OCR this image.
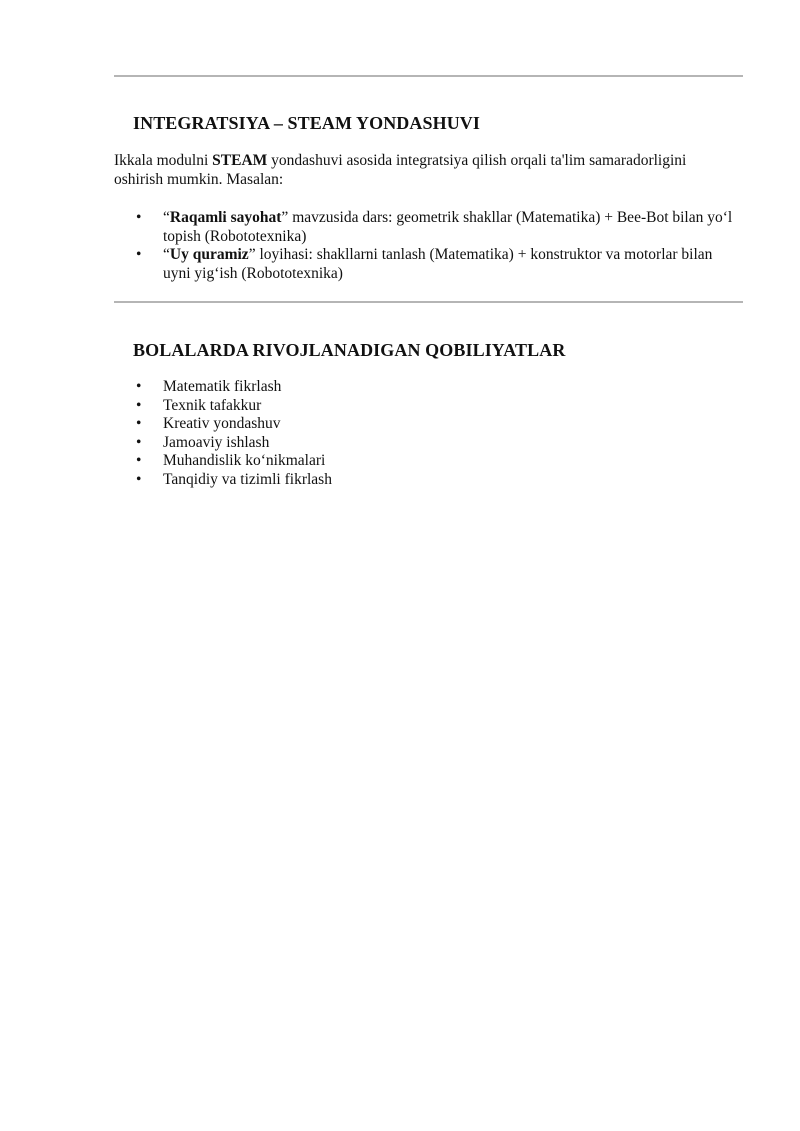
INTEGRATSIYA – STEAM YONDASHUVI

Ikkala modulni STEAM yondashuvi asosida integratsiya qilish orqali ta'lim samaradorligini oshirish mumkin. Masalan:

• “Raqamli sayohat” mavzusida dars: geometrik shakllar (Matematika) + Bee-Bot bilan yo‘l topish (Robototexnika)
• “Uy quramiz” loyihasi: shakllarni tanlash (Matematika) + konstruktor va motorlar bilan uyni yig‘ish (Robototexnika)
BOLALARDA RIVOJLANADIGAN QOBILIYATLAR
• Matematik fikrlash
• Texnik tafakkur
• Kreativ yondashuv
• Jamoaviy ishlash
• Muhandislik ko‘nikmalari
• Tanqidiy va tizimli fikrlash
